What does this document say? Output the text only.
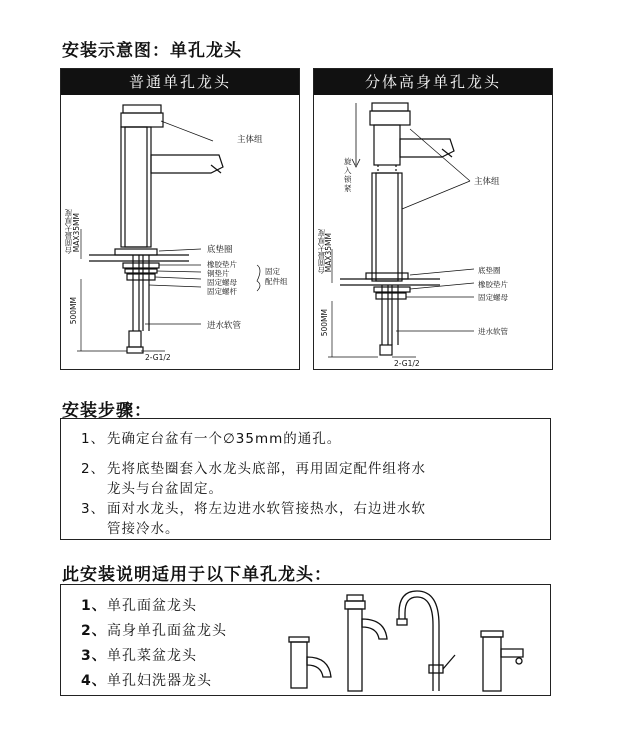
安装示意图：单孔龙头
普通单孔龙头
主体组
底垫圈
橡胶垫片
铜垫片
固定螺母
固定螺杆
固定
配件组
进水软管
台面最大厚度 MAX35MM
500MM
2-G1/2
分体高身单孔龙头
旋入锁紧
主体组
底垫圈
橡胶垫片
固定螺母
进水软管
台面最大厚度
MAX35MM
500MM
2-G1/2
安装步骤：
1、 先确定台盆有一个∅35mm的通孔。
2、 先将底垫圈套入水龙头底部，再用固定配件组将水
龙头与台盆固定。
3、 面对水龙头，将左边进水软管接热水，右边进水软
管接冷水。
此安装说明适用于以下单孔龙头：
1、单孔面盆龙头
2、高身单孔面盆龙头
3、单孔菜盆龙头
4、单孔妇洗器龙头
